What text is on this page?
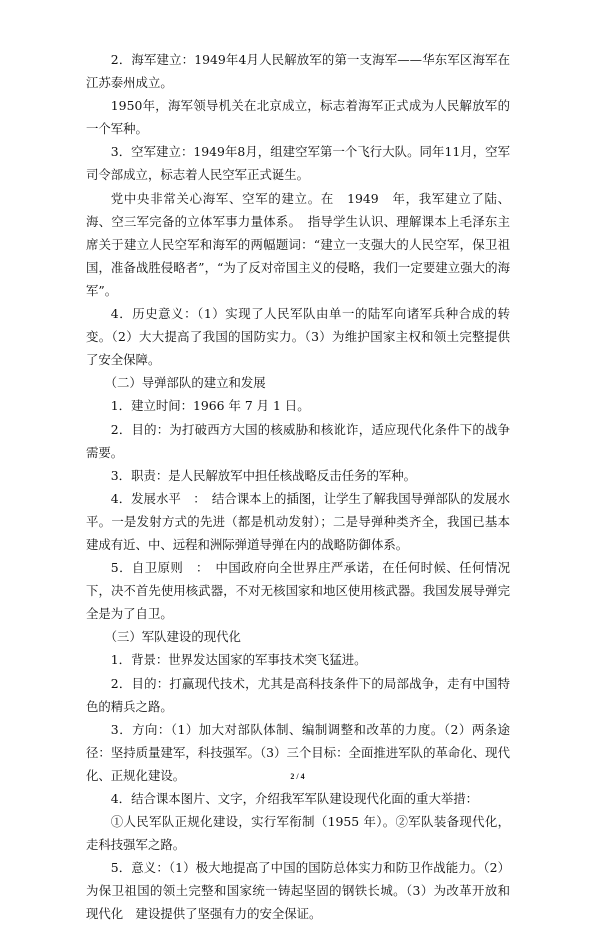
2．海军建立：1949年4月人民解放军的第一支海军——华东军区海军在江苏泰州成立。

1950年，海军领导机关在北京成立，标志着海军正式成为人民解放军的一个军种。

3．空军建立：1949年8月，组建空军第一个飞行大队。同年11月，空军司令部成立，标志着人民空军正式诞生。

党中央非常关心海军、空军的建立。在　1949　年，我军建立了陆、海、空三军完备的立体军事力量体系。　指导学生认识、理解课本上毛泽东主席关于建立人民空军和海军的两幅题词：“建立一支强大的人民空军，保卫祖国，准备战胜侵略者”，“为了反对帝国主义的侵略，我们一定要建立强大的海军”。

4．历史意义：（1）实现了人民军队由单一的陆军向诸军兵种合成的转变。（2）大大提高了我国的国防实力。（3）为维护国家主权和领土完整提供了安全保障。

（二）导弹部队的建立和发展

1．建立时间：1966 年 7 月 1 日。

2．目的：为打破西方大国的核威胁和核讹诈，适应现代化条件下的战争需要。

3．职责：是人民解放军中担任核战略反击任务的军种。

4．发展水平　：　结合课本上的插图，让学生了解我国导弹部队的发展水平。一是发射方式的先进（都是机动发射）；二是导弹种类齐全，我国已基本建成有近、中、远程和洲际弹道导弹在内的战略防御体系。

5．自卫原则　：　中国政府向全世界庄严承诺，在任何时候、任何情况下，决不首先使用核武器，不对无核国家和地区使用核武器。我国发展导弹完全是为了自卫。

（三）军队建设的现代化

1．背景：世界发达国家的军事技术突飞猛进。

2．目的：打赢现代技术，尤其是高科技条件下的局部战争，走有中国特色的精兵之路。

3．方向：（1）加大对部队体制、编制调整和改革的力度。（2）两条途径：坚持质量建军，科技强军。（3）三个目标：全面推进军队的革命化、现代化、正规化建设。

4．结合课本图片、文字，介绍我军军队建设现代化面的重大举措：

①人民军队正规化建设，实行军衔制（1955 年）。②军队装备现代化，走科技强军之路。

5．意义：（1）极大地提高了中国的国防总体实力和防卫作战能力。（2）为保卫祖国的领土完整和国家统一铸起坚固的钢铁长城。（3）为改革开放和　现代化　建设提供了坚强有力的安全保证。

2 / 4
